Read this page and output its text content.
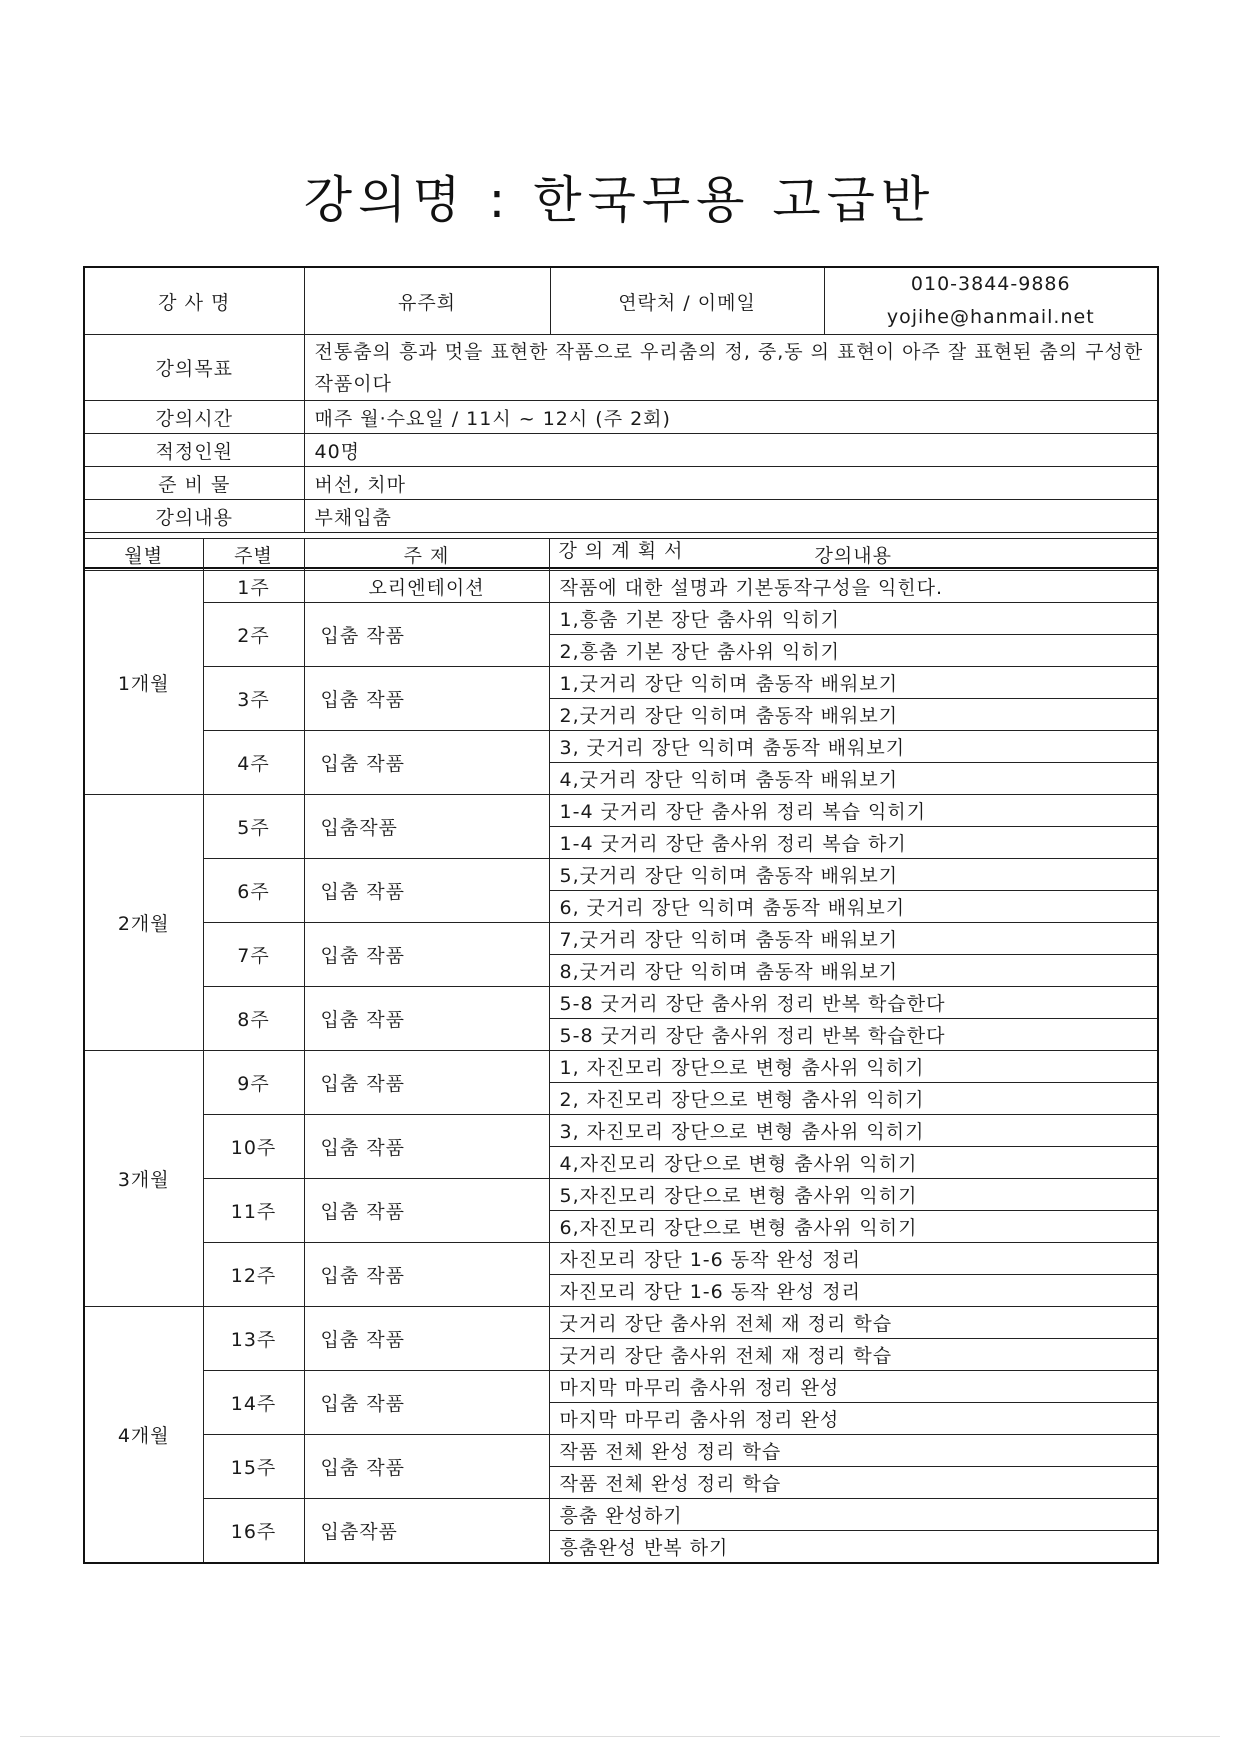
강의명 : 한국무용 고급반
강 사 명	유주희	연락처 / 이메일	010-3844-9886
yojihe@hanmail.net

강의목표	전통춤의 흥과 멋을 표현한 작품으로 우리춤의 정, 중,동 의 표현이 아주 잘 표현된 춤의 구성한 작품이다		
강의시간	매주 월·수요일 / 11시 ~ 12시 (주 2회)		
적정인원	40명		
준 비 물	버선, 치마		
강의내용	부채입춤		
강 의 계 획 서			
월별	주별	주 제	강의내용
1개월	1주	오리엔테이션	작품에 대한 설명과 기본동작구성을 익힌다.
	2주	입춤 작품	1,흥춤 기본 장단 춤사위 익히기
			2,흥춤 기본 장단 춤사위 익히기
	3주	입춤 작품	1,굿거리 장단 익히며 춤동작 배워보기
			2,굿거리 장단 익히며 춤동작 배워보기
	4주	입춤 작품	3, 굿거리 장단 익히며 춤동작 배워보기
			4,굿거리 장단 익히며 춤동작 배워보기
2개월	5주	입춤작품	1-4 굿거리 장단 춤사위 정리 복습 익히기
			1-4 굿거리 장단 춤사위 정리 복습 하기
	6주	입춤 작품	5,굿거리 장단 익히며 춤동작 배워보기
			6, 굿거리 장단 익히며 춤동작 배워보기
	7주	입춤 작품	7,굿거리 장단 익히며 춤동작 배워보기
			8,굿거리 장단 익히며 춤동작 배워보기
	8주	입춤 작품	5-8 굿거리 장단 춤사위 정리 반복 학습한다
			5-8 굿거리 장단 춤사위 정리 반복 학습한다
3개월	9주	입춤 작품	1, 자진모리 장단으로 변형 춤사위 익히기
			2, 자진모리 장단으로 변형 춤사위 익히기
	10주	입춤 작품	3, 자진모리 장단으로 변형 춤사위 익히기
			4,자진모리 장단으로 변형 춤사위 익히기
	11주	입춤 작품	5,자진모리 장단으로 변형 춤사위 익히기
			6,자진모리 장단으로 변형 춤사위 익히기
	12주	입춤 작품	자진모리 장단 1-6 동작 완성 정리
			자진모리 장단 1-6 동작 완성 정리
4개월	13주	입춤 작품	굿거리 장단 춤사위 전체 재 정리 학습
			굿거리 장단 춤사위 전체 재 정리 학습
	14주	입춤 작품	마지막 마무리 춤사위 정리 완성
			마지막 마무리 춤사위 정리 완성
	15주	입춤 작품	작품 전체 완성 정리 학습
			작품 전체 완성 정리 학습
	16주	입춤작품	흥춤 완성하기
			흥춤완성 반복 하기
